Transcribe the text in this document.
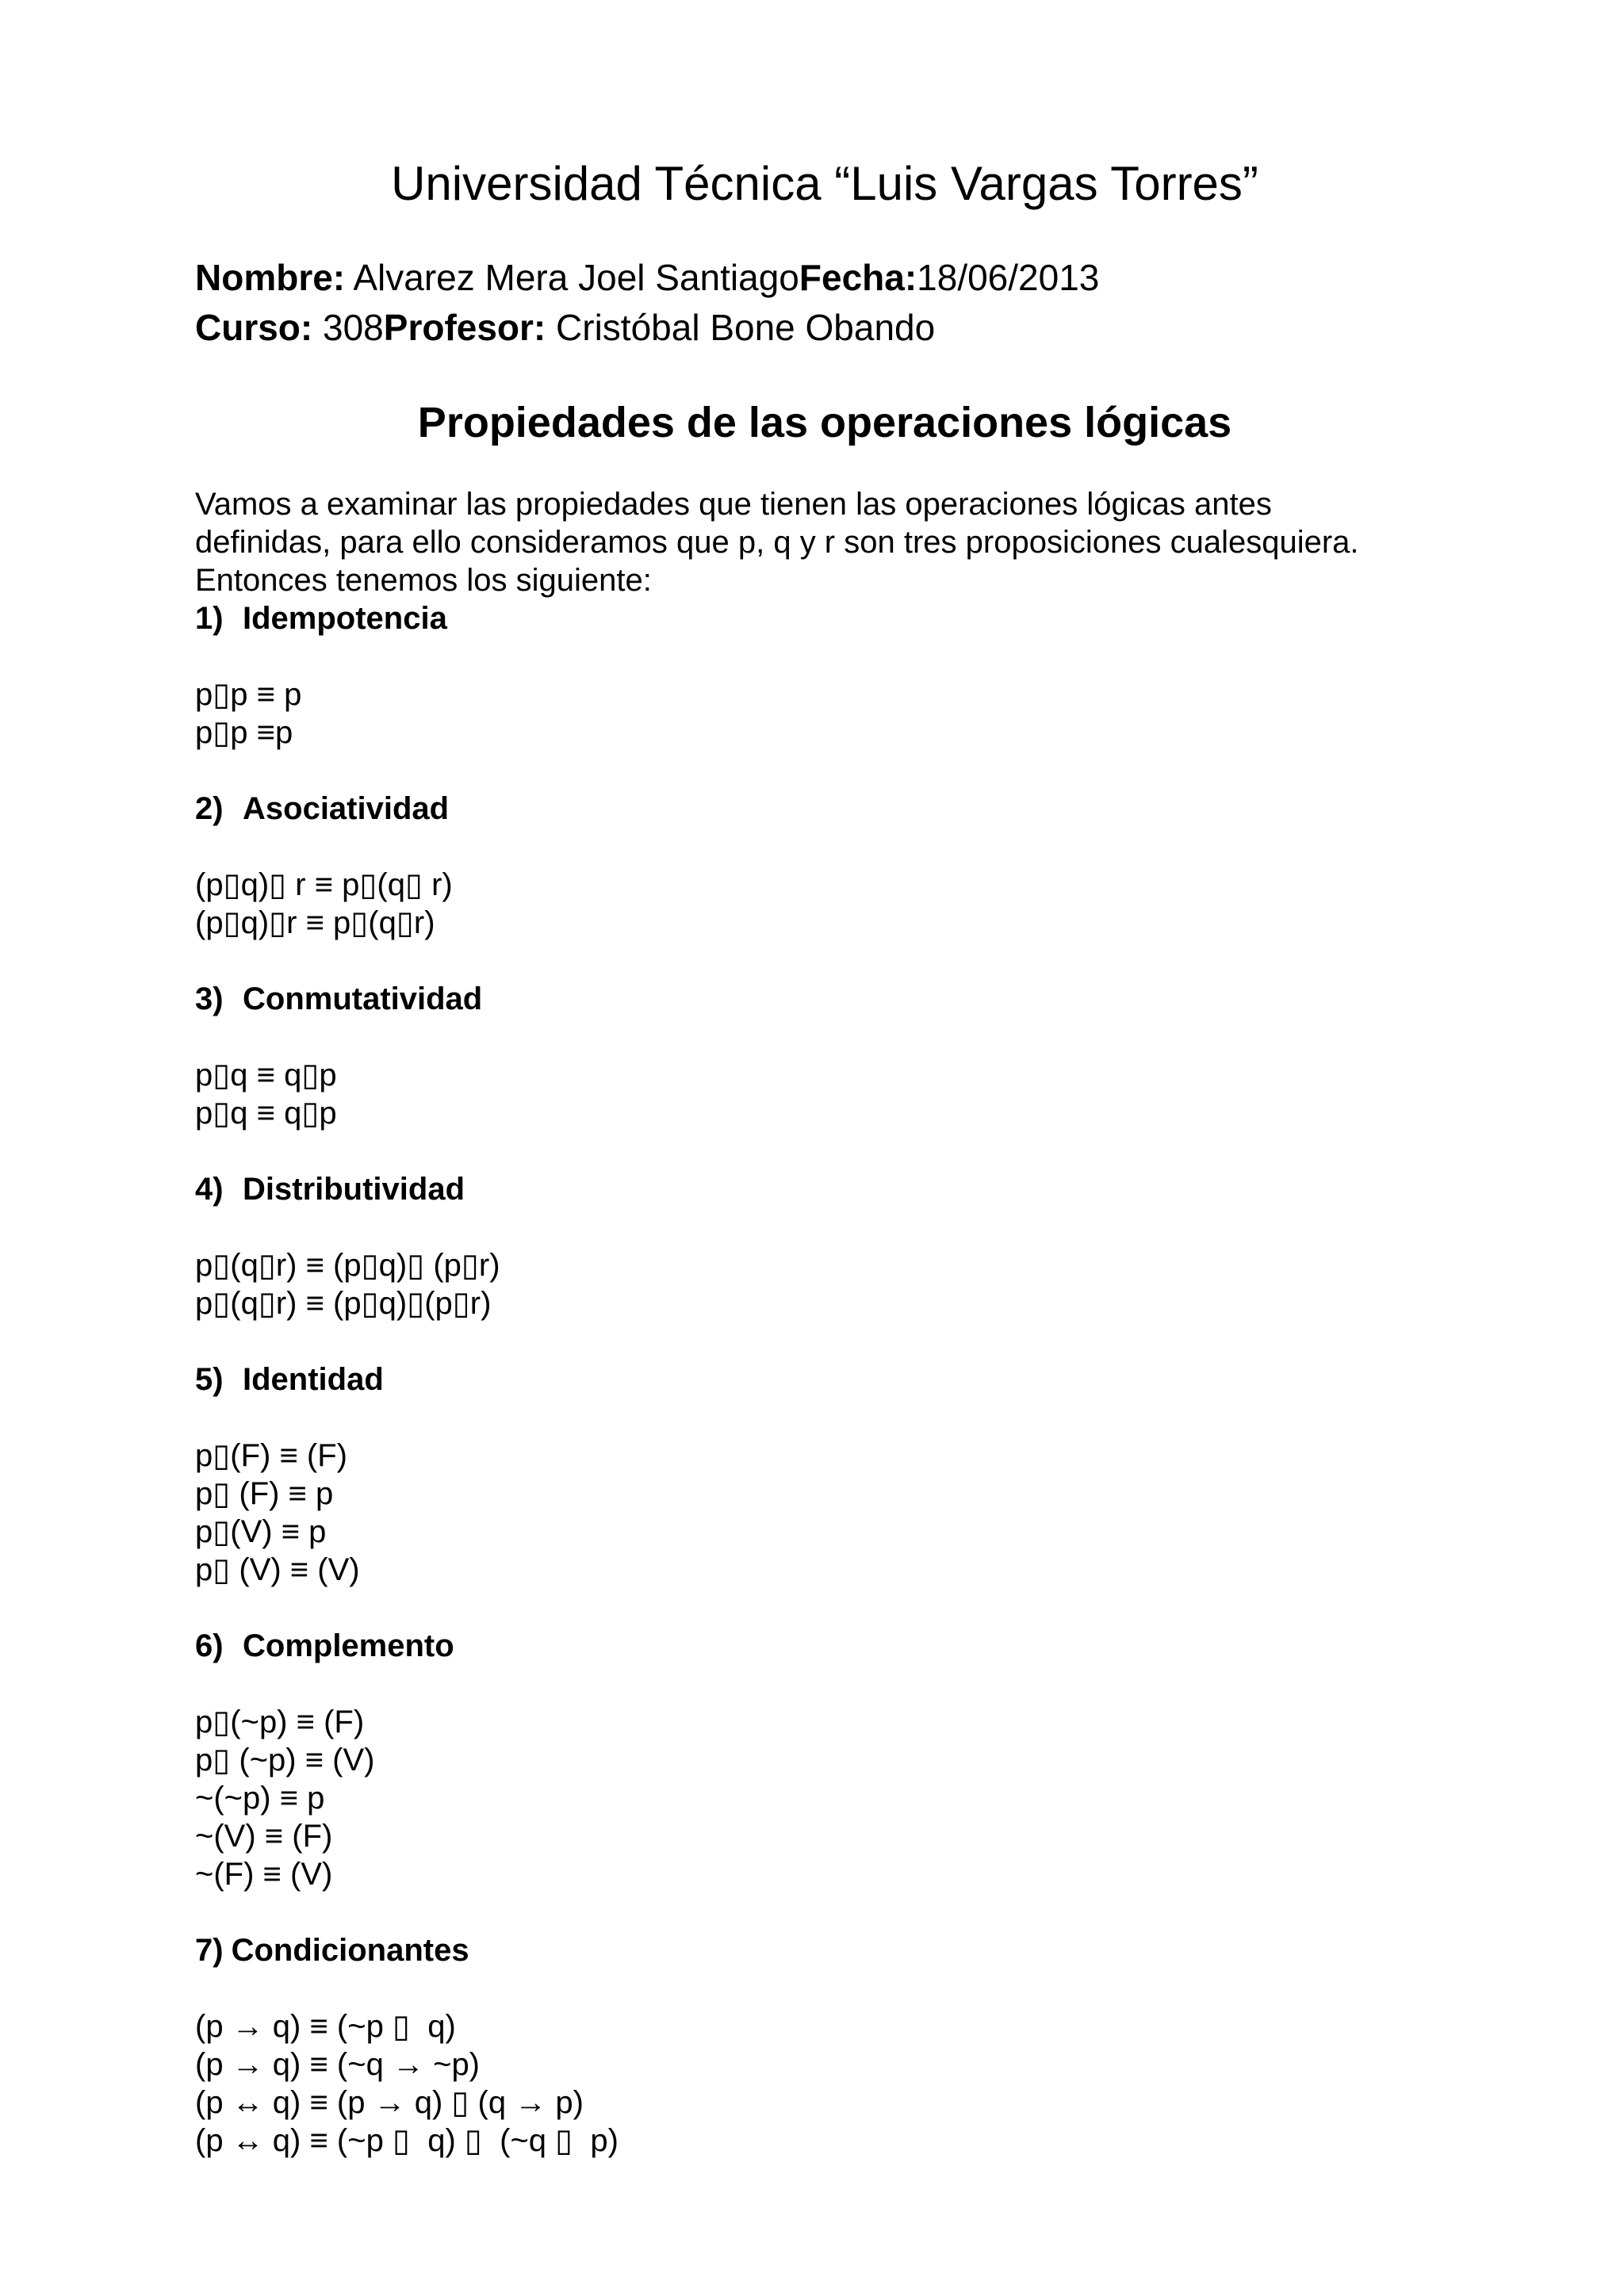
Universidad Técnica “Luis Vargas Torres”

Nombre: Alvarez Mera Joel SantiagoFecha:18/06/2013

Curso: 308Profesor: Cristóbal Bone Obando

Propiedades de las operaciones lógicas
Vamos a examinar las propiedades que tienen las operaciones lógicas antes
definidas, para ello consideramos que p, q y r son tres proposiciones cualesquiera.
Entonces tenemos los siguiente:
1) Idempotencia
p▯p ≡ p
p▯p ≡p
2) Asociatividad
(p▯q)▯ r ≡ p▯(q▯ r)
(p▯q)▯r ≡ p▯(q▯r)
3) Conmutatividad
p▯q ≡ q▯p
p▯q ≡ q▯p
4) Distributividad
p▯(q▯r) ≡ (p▯q)▯ (p▯r)
p▯(q▯r) ≡ (p▯q)▯(p▯r)
5) Identidad
p▯(F) ≡ (F)
p▯ (F) ≡ p
p▯(V) ≡ p
p▯ (V) ≡ (V)
6) Complemento
p▯(~p) ≡ (F)
p▯ (~p) ≡ (V)
~(~p) ≡ p
~(V) ≡ (F)
~(F) ≡ (V)
7) Condicionantes
(p → q) ≡ (~p ▯  q)
(p → q) ≡ (~q → ~p)
(p ↔ q) ≡ (p → q) ▯ (q → p)
(p ↔ q) ≡ (~p ▯  q) ▯  (~q ▯  p)
